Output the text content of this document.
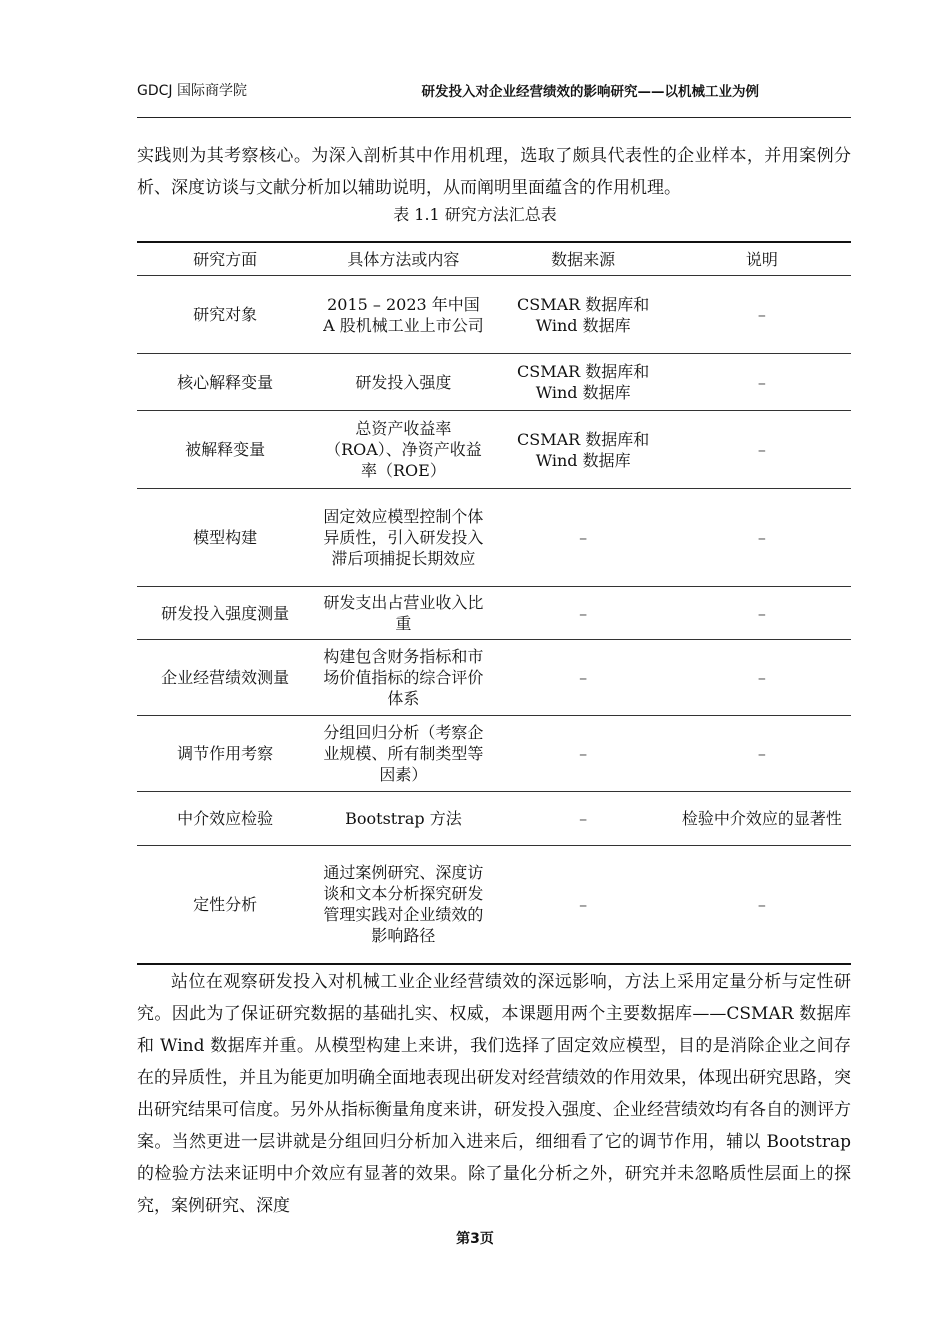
GDCJ 国际商学院	研发投入对企业经营绩效的影响研究——以机械工业为例
实践则为其考察核心。为深入剖析其中作用机理，选取了颇具代表性的企业样本，并用案例分析、深度访谈与文献分析加以辅助说明，从而阐明里面蕴含的作用机理。
表 1.1 研究方法汇总表
研究方面	具体方法或内容	数据来源	说明
研究对象	2015 – 2023 年中国 A 股机械工业上市公司	CSMAR 数据库和 Wind 数据库	–
核心解释变量	研发投入强度	CSMAR 数据库和 Wind 数据库	–
被解释变量	总资产收益率（ROA）、净资产收益率（ROE）	CSMAR 数据库和 Wind 数据库	–
模型构建	固定效应模型控制个体异质性，引入研发投入滞后项捕捉长期效应	–	–
研发投入强度测量	研发支出占营业收入比重	–	–
企业经营绩效测量	构建包含财务指标和市场价值指标的综合评价体系	–	–
调节作用考察	分组回归分析（考察企业规模、所有制类型等因素）	–	–
中介效应检验	Bootstrap 方法	–	检验中介效应的显著性
定性分析	通过案例研究、深度访谈和文本分析探究研发管理实践对企业绩效的影响路径	–	–
站位在观察研发投入对机械工业企业经营绩效的深远影响，方法上采用定量分析与定性研究。因此为了保证研究数据的基础扎实、权威，本课题用两个主要数据库——CSMAR 数据库和 Wind 数据库并重。从模型构建上来讲，我们选择了固定效应模型，目的是消除企业之间存在的异质性，并且为能更加明确全面地表现出研发对经营绩效的作用效果，体现出研究思路，突出研究结果可信度。另外从指标衡量角度来讲，研发投入强度、企业经营绩效均有各自的测评方案。当然更进一层讲就是分组回归分析加入进来后，细细看了它的调节作用，辅以 Bootstrap 的检验方法来证明中介效应有显著的效果。除了量化分析之外，研究并未忽略质性层面上的探究，案例研究、深度
第3页
